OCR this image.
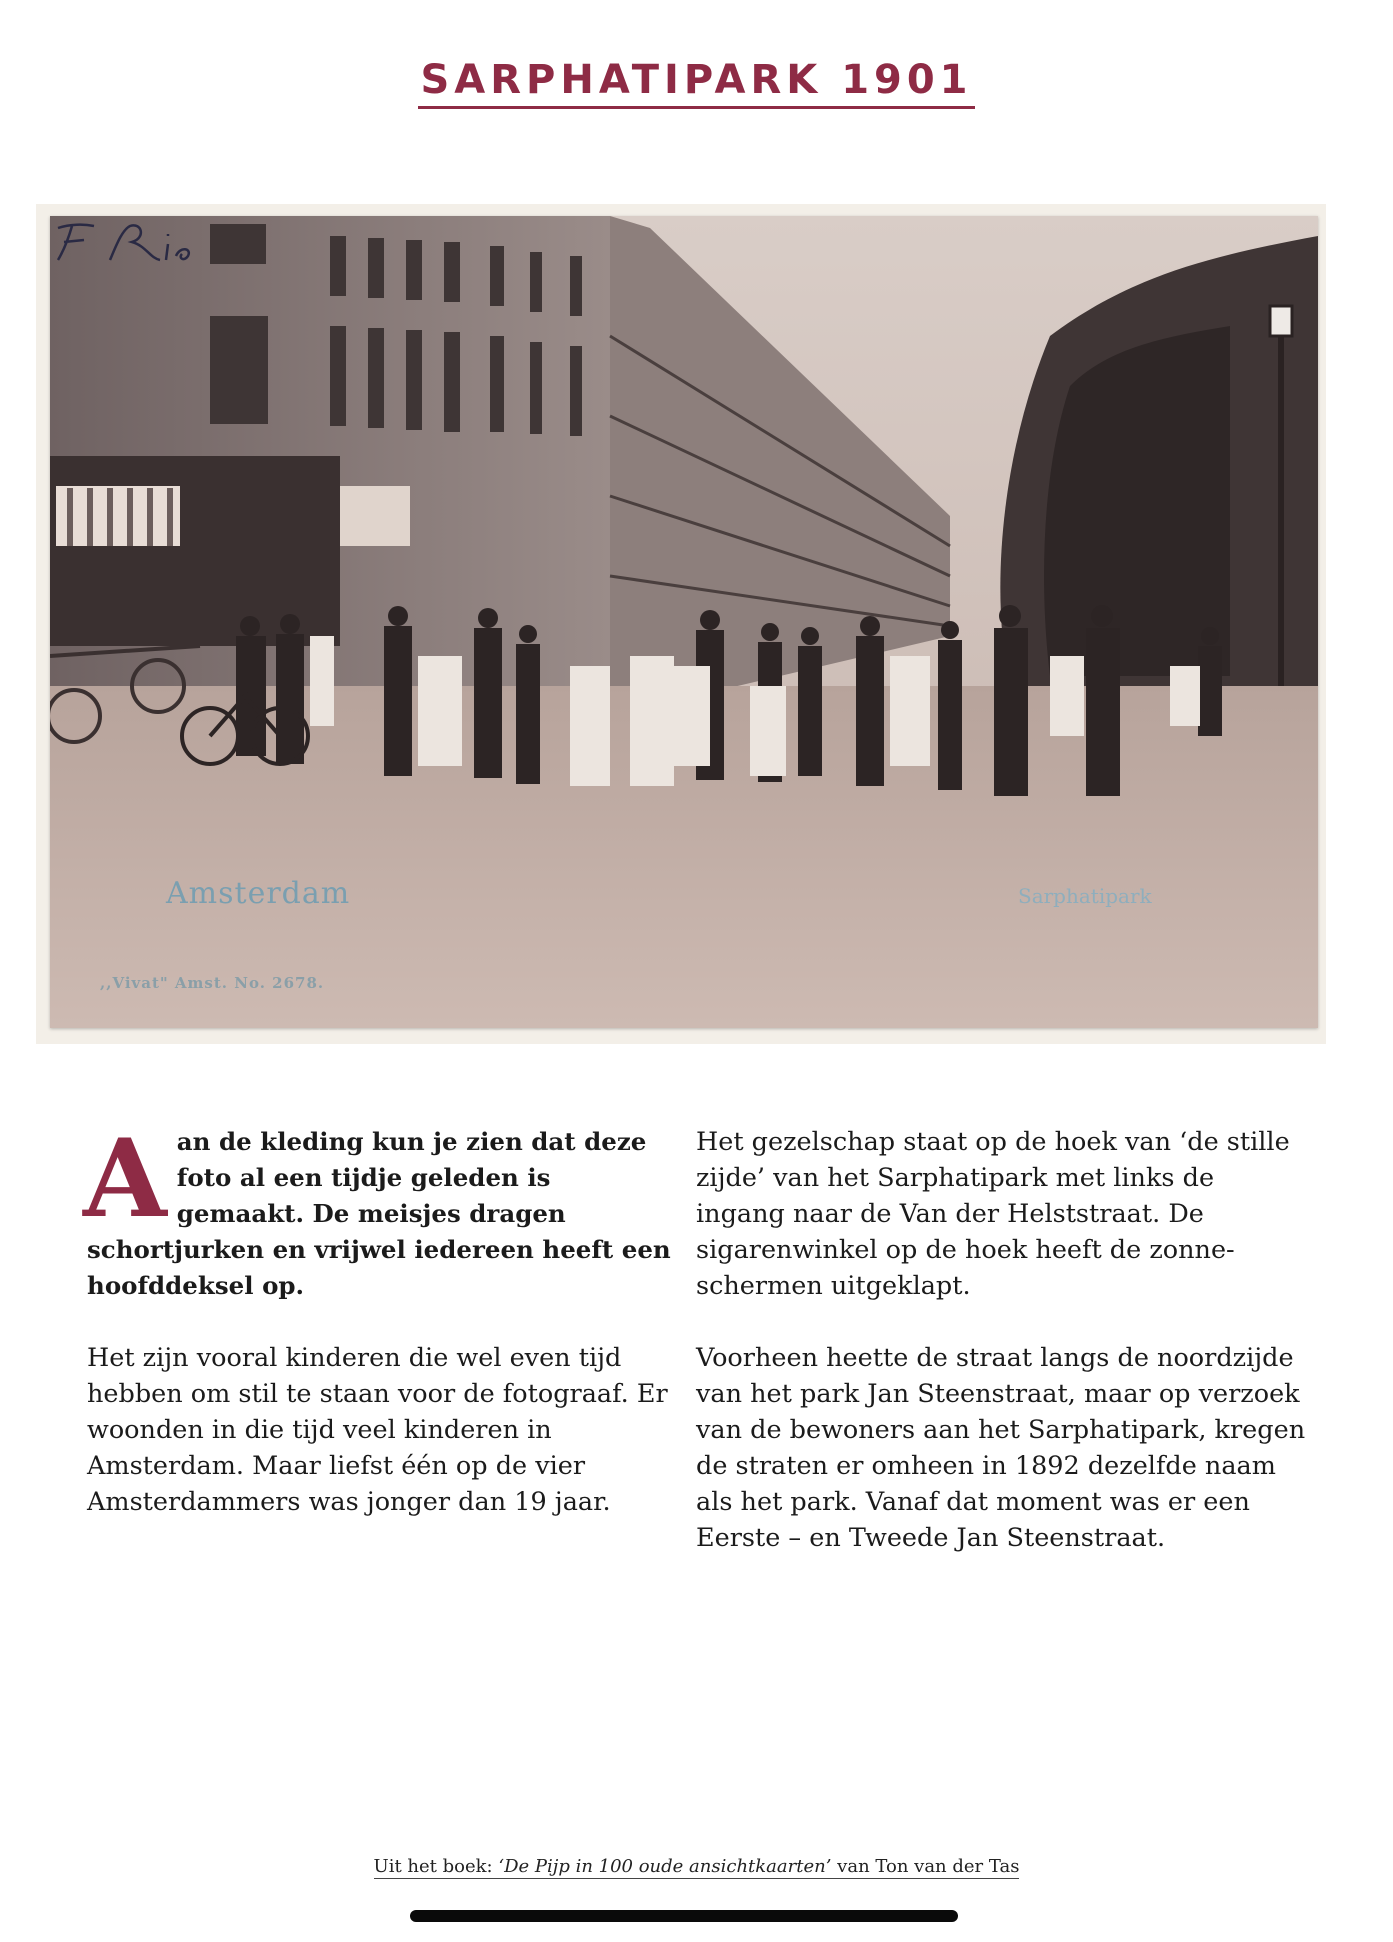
SARPHATIPARK 1901
Amsterdam	Sarphatipark
,,Vivat" Amst. No. 2678.

Aan de kleding kun je zien dat deze foto al een tijdje geleden is gemaakt. De meisjes dragen schortjurken en vrijwel iedereen heeft een hoofddeksel op.

Het zijn vooral kinderen die wel even tijd hebben om stil te staan voor de fotograaf. Er woonden in die tijd veel kinderen in Amsterdam. Maar liefst één op de vier Amsterdammers was jonger dan 19 jaar.

Het gezelschap staat op de hoek van ‘de stille zijde’ van het Sarphatipark met links de ingang naar de Van der Helststraat. De sigarenwinkel op de hoek heeft de zonne-schermen uitgeklapt.

Voorheen heette de straat langs de noordzijde van het park Jan Steenstraat, maar op verzoek van de bewoners aan het Sarphatipark, kregen de straten er omheen in 1892 dezelfde naam als het park. Vanaf dat moment was er een Eerste – en Tweede Jan Steenstraat.

Uit het boek: ‘De Pijp in 100 oude ansichtkaarten’ van Ton van der Tas
